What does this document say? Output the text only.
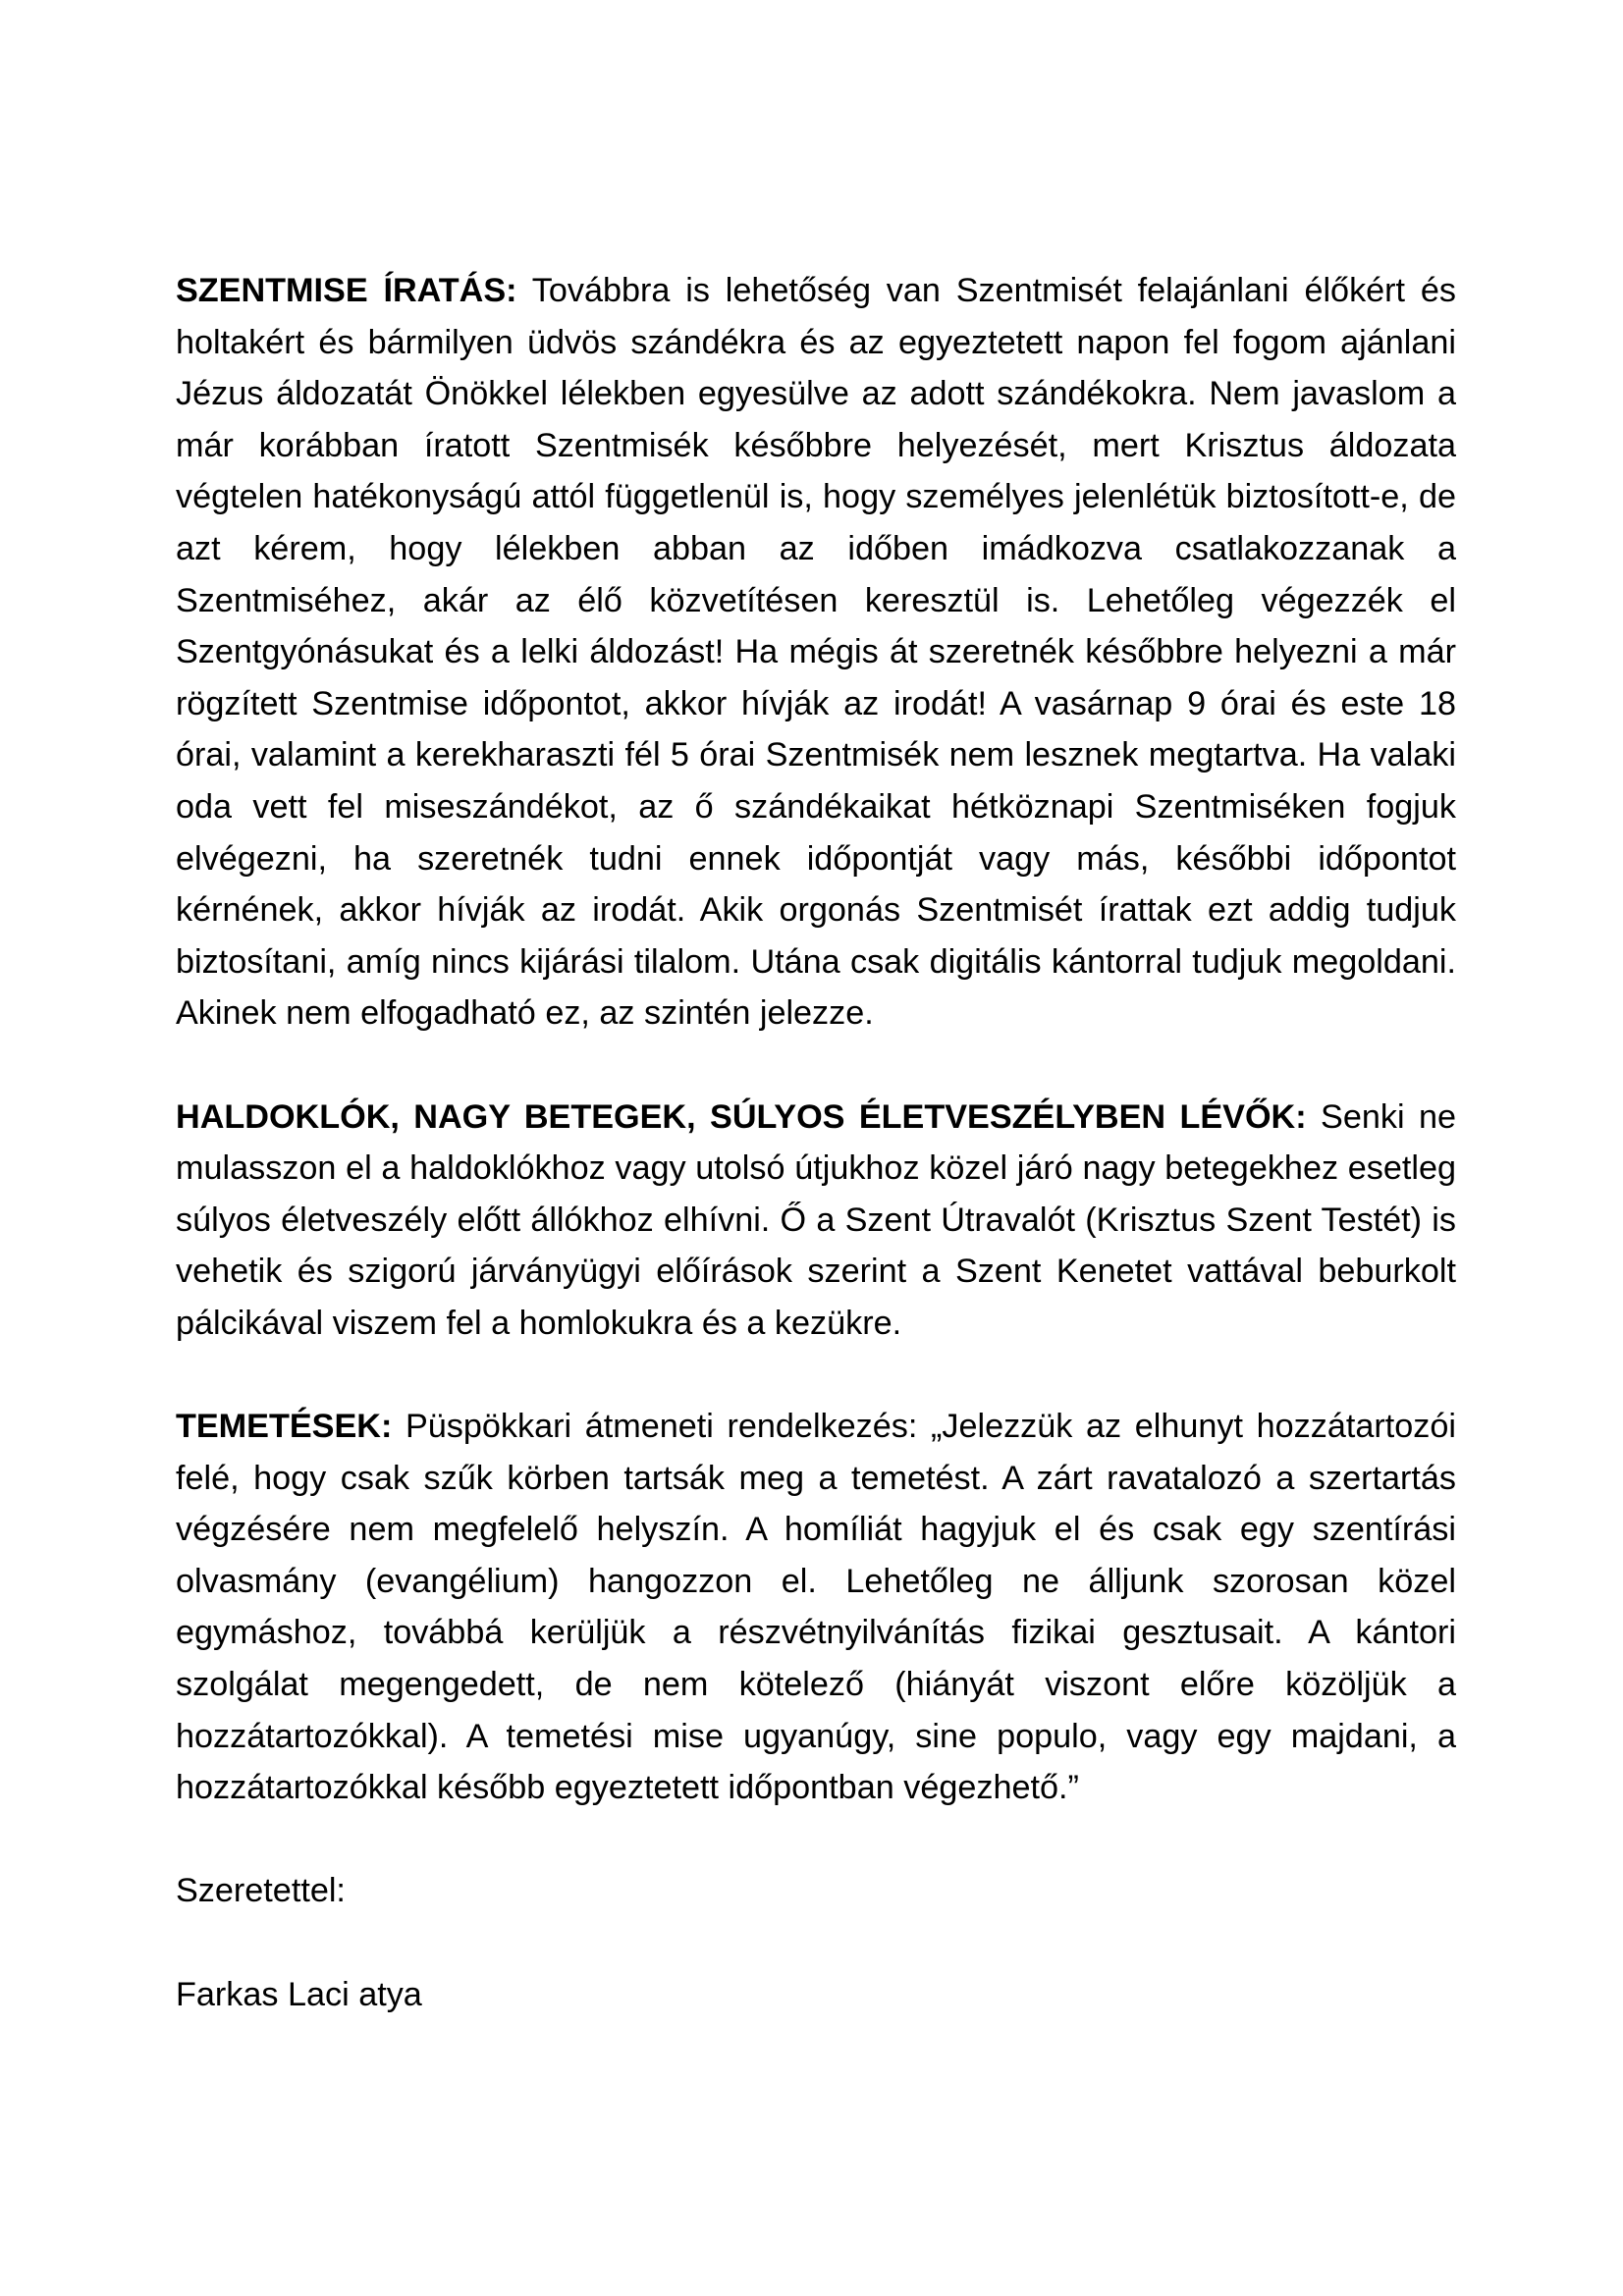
SZENTMISE ÍRATÁS: Továbbra is lehetőség van Szentmisét felajánlani élőkért és holtakért és bármilyen üdvös szándékra és az egyeztetett napon fel fogom ajánlani Jézus áldozatát Önökkel lélekben egyesülve az adott szándékokra. Nem javaslom a már korábban íratott Szentmisék későbbre helyezését, mert Krisztus áldozata végtelen hatékonyságú attól függetlenül is, hogy személyes jelenlétük biztosított-e, de azt kérem, hogy lélekben abban az időben imádkozva csatlakozzanak a Szentmiséhez, akár az élő közvetítésen keresztül is. Lehetőleg végezzék el Szentgyónásukat és a lelki áldozást! Ha mégis át szeretnék későbbre helyezni a már rögzített Szentmise időpontot, akkor hívják az irodát! A vasárnap 9 órai és este 18 órai, valamint a kerekharaszti fél 5 órai Szentmisék nem lesznek megtartva. Ha valaki oda vett fel miseszándékot, az ő szándékaikat hétköznapi Szentmiséken fogjuk elvégezni, ha szeretnék tudni ennek időpontját vagy más, későbbi időpontot kérnének, akkor hívják az irodát. Akik orgonás Szentmisét írattak ezt addig tudjuk biztosítani, amíg nincs kijárási tilalom. Utána csak digitális kántorral tudjuk megoldani. Akinek nem elfogadható ez, az szintén jelezze.

HALDOKLÓK, NAGY BETEGEK, SÚLYOS ÉLETVESZÉLYBEN LÉVŐK: Senki ne mulasszon el a haldoklókhoz vagy utolsó útjukhoz közel járó nagy betegekhez esetleg súlyos életveszély előtt állókhoz elhívni. Ő a Szent Útravalót (Krisztus Szent Testét) is vehetik és szigorú járványügyi előírások szerint a Szent Kenetet vattával beburkolt pálcikával viszem fel a homlokukra és a kezükre.

TEMETÉSEK: Püspökkari átmeneti rendelkezés: „Jelezzük az elhunyt hozzátartozói felé, hogy csak szűk körben tartsák meg a temetést. A zárt ravatalozó a szertartás végzésére nem megfelelő helyszín. A homíliát hagyjuk el és csak egy szentírási olvasmány (evangélium) hangozzon el. Lehetőleg ne álljunk szorosan közel egymáshoz, továbbá kerüljük a részvétnyilvánítás fizikai gesztusait. A kántori szolgálat megengedett, de nem kötelező (hiányát viszont előre közöljük a hozzátartozókkal). A temetési mise ugyanúgy, sine populo, vagy egy majdani, a hozzátartozókkal később egyeztetett időpontban végezhető.”

Szeretettel:

Farkas Laci atya
